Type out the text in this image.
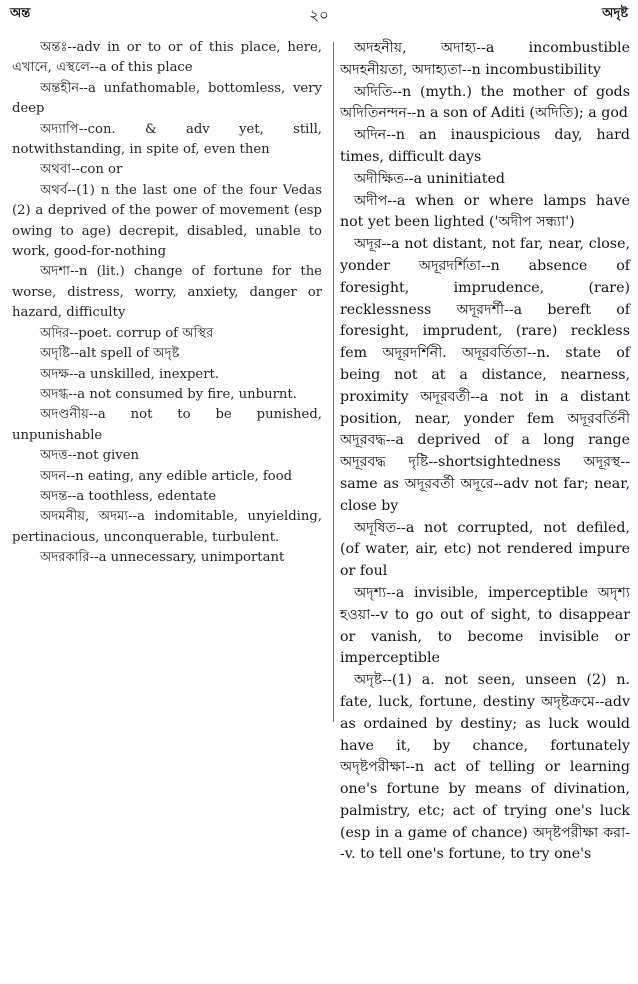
অন্ত	২০	অদৃষ্ট

অন্তঃ--adv in or to or of this place, here, এখানে, এস্থলে--a of this place

অন্তহীন--a unfathomable, bottomless, very deep

অদ্যাপি--con. & adv yet, still, notwithstanding, in spite of, even then

অথবা--con or

অথর্ব--(1) n the last one of the four Vedas (2) a deprived of the power of movement (esp owing to age) decrepit, disabled, unable to work, good-for-nothing

অদশা--n (lit.) change of fortune for the worse, distress, worry, anxiety, danger or hazard, difficulty

অদির--poet. corrup of অস্থির

অদৃষ্টি--alt spell of অদৃষ্ট

অদক্ষ--a unskilled, inexpert.

অদগ্ধ--a not consumed by fire, unburnt.

অদণ্ডনীয়--a not to be punished, unpunishable

অদত্ত--not given

অদন--n eating, any edible article, food

অদন্ত--a toothless, edentate

অদমনীয়, অদম্য--a indomitable, unyielding, pertinacious, unconquerable, turbulent.

অদরকারি--a unnecessary, unimportant

অদহনীয়, অদাহ্য--a incombustible অদহনীয়তা, অদাহ্যতা--n incombustibility

অদিতি--n (myth.) the mother of gods অদিতিনন্দন--n a son of Aditi (অদিতি); a god

অদিন--n an inauspicious day, hard times, difficult days

অদীক্ষিত--a uninitiated

অদীপ--a when or where lamps have not yet been lighted ('অদীপ সন্ধ্যা')

অদূর--a not distant, not far, near, close, yonder অদূরদর্শিতা--n absence of foresight, imprudence, (rare) recklessness অদূরদর্শী--a bereft of foresight, imprudent, (rare) reckless fem অদূরদর্শিনী. অদূরবর্তিতা--n. state of being not at a distance, nearness, proximity অদূরবর্তী--a not in a distant position, near, yonder fem অদূরবর্তিনী অদূরবদ্ধ--a deprived of a long range অদূরবদ্ধ দৃষ্টি--shortsightedness অদূরস্থ--same as অদূরবর্তী অদূরে--adv not far; near, close by

অদূষিত--a not corrupted, not defiled, (of water, air, etc) not rendered impure or foul

অদৃশ্য--a invisible, imperceptible অদৃশ্য হওয়া--v to go out of sight, to disappear or vanish, to become invisible or imperceptible

অদৃষ্ট--(1) a. not seen, unseen (2) n. fate, luck, fortune, destiny অদৃষ্টক্রমে--adv as ordained by destiny; as luck would have it, by chance, fortunately অদৃষ্টপরীক্ষা--n act of telling or learning one's fortune by means of divination, palmistry, etc; act of trying one's luck (esp in a game of chance) অদৃষ্টপরীক্ষা করা--v. to tell one's fortune, to try one's
